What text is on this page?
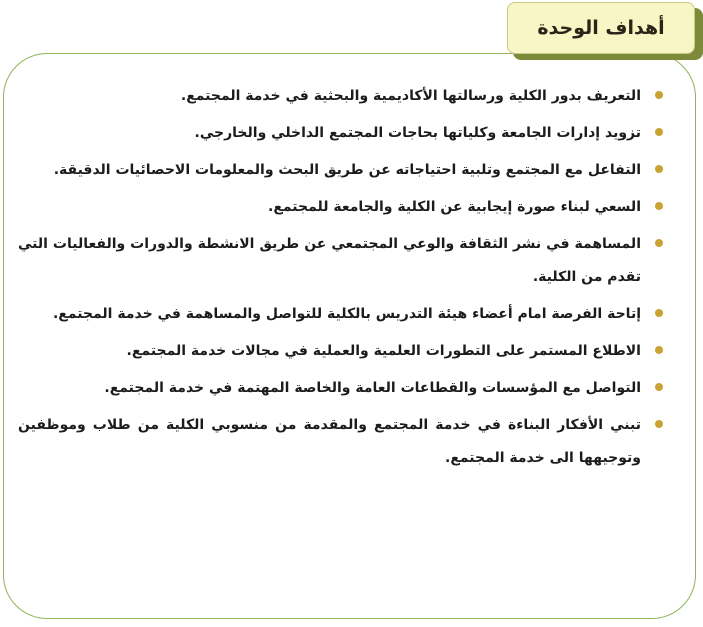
أهداف الوحدة
التعريف بدور الكلية ورسالتها الأكاديمية والبحثية في خدمة المجتمع.
تزويد إدارات الجامعة وكلياتها بحاجات المجتمع الداخلي والخارجي.
التفاعل مع المجتمع وتلبية احتياجاته عن طريق البحث والمعلومات الاحصائيات الدقيقة.
السعي لبناء صورة إيجابية عن الكلية والجامعة للمجتمع.
المساهمة في نشر الثقافة والوعي المجتمعي عن طريق الانشطة والدورات والفعاليات التي تقدم من الكلية.
إتاحة الفرصة امام أعضاء هيئة التدريس بالكلية للتواصل والمساهمة في خدمة المجتمع.
الاطلاع المستمر على التطورات العلمية والعملية في مجالات خدمة المجتمع.
التواصل مع المؤسسات والقطاعات العامة والخاصة المهتمة في خدمة المجتمع.
تبني الأفكار البناءة في خدمة المجتمع والمقدمة من منسوبي الكلية من طلاب وموظفين وتوجيهها الى خدمة المجتمع.
